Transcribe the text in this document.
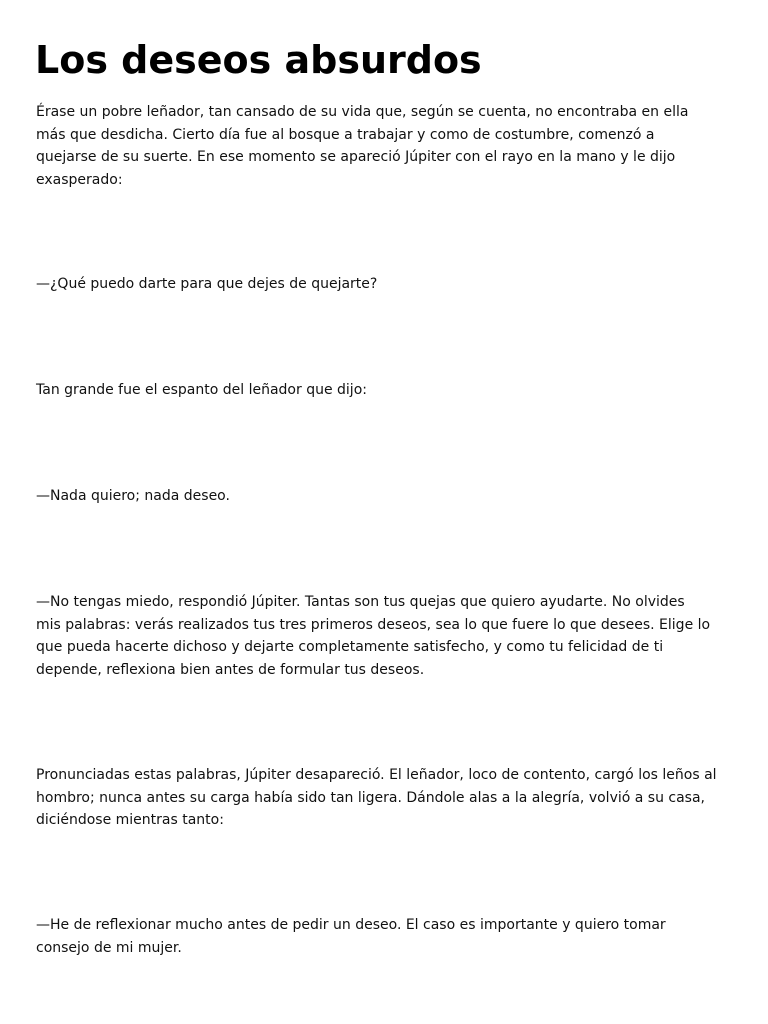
Los deseos absurdos

Érase un pobre leñador, tan cansado de su vida que, según se cuenta, no encontraba en ella
más que desdicha. Cierto día fue al bosque a trabajar y como de costumbre, comenzó a
quejarse de su suerte. En ese momento se apareció Júpiter con el rayo en la mano y le dijo
exasperado:

—¿Qué puedo darte para que dejes de quejarte?

Tan grande fue el espanto del leñador que dijo:

—Nada quiero; nada deseo.

—No tengas miedo, respondió Júpiter. Tantas son tus quejas que quiero ayudarte. No olvides
mis palabras: verás realizados tus tres primeros deseos, sea lo que fuere lo que desees. Elige lo
que pueda hacerte dichoso y dejarte completamente satisfecho, y como tu felicidad de ti
depende, reflexiona bien antes de formular tus deseos.

Pronunciadas estas palabras, Júpiter desapareció. El leñador, loco de contento, cargó los leños al
hombro; nunca antes su carga había sido tan ligera. Dándole alas a la alegría, volvió a su casa,
diciéndose mientras tanto:

—He de reflexionar mucho antes de pedir un deseo. El caso es importante y quiero tomar
consejo de mi mujer.
